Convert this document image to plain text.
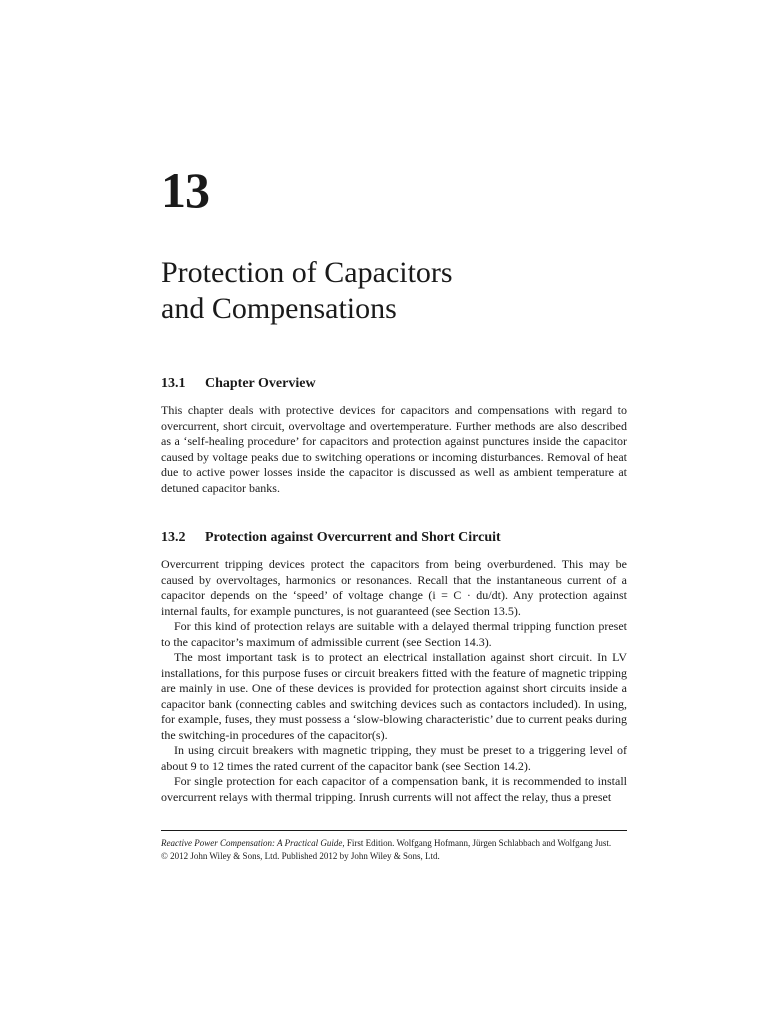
13
Protection of Capacitors
and Compensations
13.1 Chapter Overview

This chapter deals with protective devices for capacitors and compensations with regard to overcurrent, short circuit, overvoltage and overtemperature. Further methods are also described as a ‘self-healing procedure’ for capacitors and protection against punctures inside the capacitor caused by voltage peaks due to switching operations or incoming disturbances. Removal of heat due to active power losses inside the capacitor is discussed as well as ambient temperature at detuned capacitor banks.

13.2 Protection against Overcurrent and Short Circuit

Overcurrent tripping devices protect the capacitors from being overburdened. This may be caused by overvoltages, harmonics or resonances. Recall that the instantaneous current of a capacitor depends on the ‘speed’ of voltage change (i = C · du/dt). Any protection against internal faults, for example punctures, is not guaranteed (see Section 13.5).

For this kind of protection relays are suitable with a delayed thermal tripping function preset to the capacitor’s maximum of admissible current (see Section 14.3).

The most important task is to protect an electrical installation against short circuit. In LV installations, for this purpose fuses or circuit breakers fitted with the feature of magnetic tripping are mainly in use. One of these devices is provided for protection against short circuits inside a capacitor bank (connecting cables and switching devices such as contactors included). In using, for example, fuses, they must possess a ‘slow-blowing characteristic’ due to current peaks during the switching-in procedures of the capacitor(s).

In using circuit breakers with magnetic tripping, they must be preset to a triggering level of about 9 to 12 times the rated current of the capacitor bank (see Section 14.2).

For single protection for each capacitor of a compensation bank, it is recommended to install overcurrent relays with thermal tripping. Inrush currents will not affect the relay, thus a preset

Reactive Power Compensation: A Practical Guide, First Edition. Wolfgang Hofmann, Jürgen Schlabbach and Wolfgang Just.
© 2012 John Wiley & Sons, Ltd. Published 2012 by John Wiley & Sons, Ltd.
